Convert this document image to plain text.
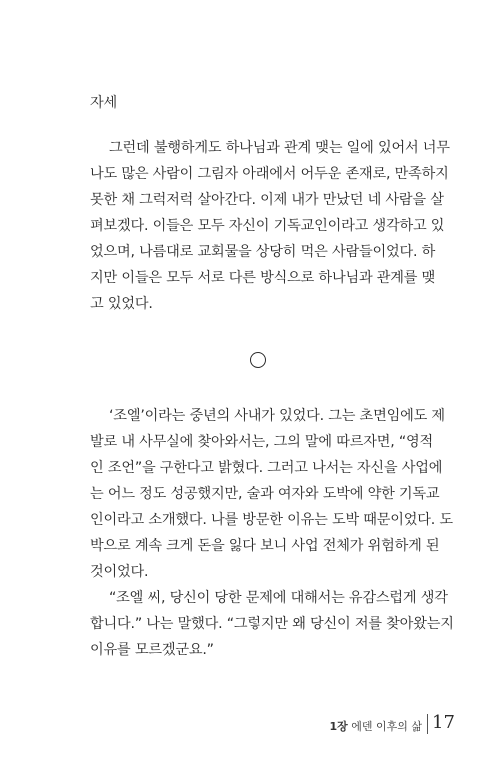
자세
그런데 불행하게도 하나님과 관계 맺는 일에 있어서 너무
나도 많은 사람이 그림자 아래에서 어두운 존재로, 만족하지
못한 채 그럭저럭 살아간다. 이제 내가 만났던 네 사람을 살
펴보겠다. 이들은 모두 자신이 기독교인이라고 생각하고 있
었으며, 나름대로 교회물을 상당히 먹은 사람들이었다. 하
지만 이들은 모두 서로 다른 방식으로 하나님과 관계를 맺
고 있었다.
‘조엘’이라는 중년의 사내가 있었다. 그는 초면임에도 제
발로 내 사무실에 찾아와서는, 그의 말에 따르자면, “영적
인 조언”을 구한다고 밝혔다. 그러고 나서는 자신을 사업에
는 어느 정도 성공했지만, 술과 여자와 도박에 약한 기독교
인이라고 소개했다. 나를 방문한 이유는 도박 때문이었다. 도
박으로 계속 크게 돈을 잃다 보니 사업 전체가 위험하게 된
것이었다.
“조엘 씨, 당신이 당한 문제에 대해서는 유감스럽게 생각
합니다.” 나는 말했다. “그렇지만 왜 당신이 저를 찾아왔는지
이유를 모르겠군요.”
1장 에덴 이후의 삶 17
